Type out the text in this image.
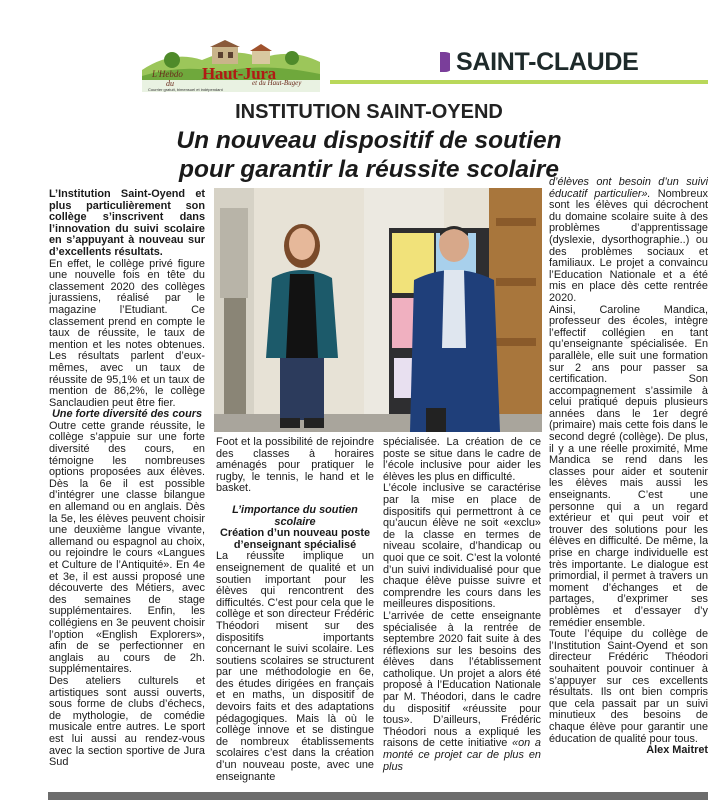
L'Hebdo
du
Haut-Jura
et du Haut-Bugey
Courrier gratuit, bimensuel et indépendant
SAINT-CLAUDE
INSTITUTION SAINT-OYEND
Un nouveau dispositif de soutien
pour garantir la réussite scolaire

L’Institution Saint-Oyend et plus particulièrement son collège s’inscrivent dans l’innovation du suivi scolaire en s’appuyant à nouveau sur d’excellents résultats.

En effet, le collège privé figure une nouvelle fois en tête du classement 2020 des collèges jurassiens, réalisé par le magazine l’Etudiant. Ce classement prend en compte le taux de réussite, le taux de mention et les notes obtenues. Les résultats parlent d’eux-mêmes, avec un taux de réussite de 95,1% et un taux de mention de 86,2%, le collège Sanclaudien peut être fier.

Une forte diversité des cours

Outre cette grande réussite, le collège s’appuie sur une forte diversité des cours, en témoigne les nombreuses options proposées aux élèves. Dès la 6e il est possible d’intégrer une classe bilangue en allemand ou en anglais. Dès la 5e, les élèves peuvent choisir une deuxième langue vivante, allemand ou espagnol au choix, ou rejoindre le cours «Langues et Culture de l’Antiquité». En 4e et 3e, il est aussi proposé une découverte des Métiers, avec des semaines de stage supplémentaires. Enfin, les collégiens en 3e peuvent choisir l’option «English Explorers», afin de se perfectionner en anglais au cours de 2h. supplémentaires.

Des ateliers culturels et artistiques sont aussi ouverts, sous forme de clubs d’échecs, de mythologie, de comédie musicale entre autres. Le sport est lui aussi au rendez-vous avec la section sportive de Jura Sud

Foot et la possibilité de rejoindre des classes à horaires aménagés pour pratiquer le rugby, le tennis, le hand et le basket.

L’importance du soutien scolaire

Création d’un nouveau poste d’enseignant spécialisé

La réussite implique un enseignement de qualité et un soutien important pour les élèves qui rencontrent des difficultés. C’est pour cela que le collège et son directeur Frédéric Théodori misent sur des dispositifs importants concernant le suivi scolaire. Les soutiens scolaires se structurent par une méthodologie en 6e, des études dirigées en français et en maths, un dispositif de devoirs faits et des adaptations pédagogiques. Mais là où le collège innove et se distingue de nombreux établissements scolaires c’est dans la création d’un nouveau poste, avec une enseignante

spécialisée. La création de ce poste se situe dans le cadre de l’école inclusive pour aider les élèves les plus en difficulté.

L’école inclusive se caractérise par la mise en place de dispositifs qui permettront à ce qu’aucun élève ne soit «exclu» de la classe en termes de niveau scolaire, d’handicap ou quoi que ce soit. C’est la volonté d’un suivi individualisé pour que chaque élève puisse suivre et comprendre les cours dans les meilleures dispositions.

L’arrivée de cette enseignante spécialisée à la rentrée de septembre 2020 fait suite à des réflexions sur les besoins des élèves dans l’établissement catholique. Un projet a alors été proposé à l’Education Nationale par M. Théodori, dans le cadre du dispositif «réussite pour tous». D’ailleurs, Frédéric Théodori nous a expliqué les raisons de cette initiative «on a monté ce projet car de plus en plus

d’élèves ont besoin d’un suivi éducatif particulier». Nombreux sont les élèves qui décrochent du domaine scolaire suite à des problèmes d’apprentissage (dyslexie, dysorthographie..) ou des problèmes sociaux et familiaux. Le projet a convaincu l’Education Nationale et a été mis en place dès cette rentrée 2020.

Ainsi, Caroline Mandica, professeur des écoles, intègre l’effectif collégien en tant qu’enseignante spécialisée. En parallèle, elle suit une formation sur 2 ans pour passer sa certification. Son accompagnement s’assimile à celui pratiqué depuis plusieurs années dans le 1er degré (primaire) mais cette fois dans le second degré (collège). De plus, il y a une réelle proximité, Mme Mandica se rend dans les classes pour aider et soutenir les élèves mais aussi les enseignants. C’est une personne qui a un regard extérieur et qui peut voir et trouver des solutions pour les élèves en difficulté. De même, la prise en charge individuelle est très importante. Le dialogue est primordial, il permet à travers un moment d’échanges et de partages, d’exprimer ses problèmes et d’essayer d’y remédier ensemble.

Toute l’équipe du collège de l’Institution Saint-Oyend et son directeur Frédéric Théodori souhaitent pouvoir continuer à s’appuyer sur ces excellents résultats. Ils ont bien compris que cela passait par un suivi minutieux des besoins de chaque élève pour garantir une éducation de qualité pour tous.

Alex Maitret
